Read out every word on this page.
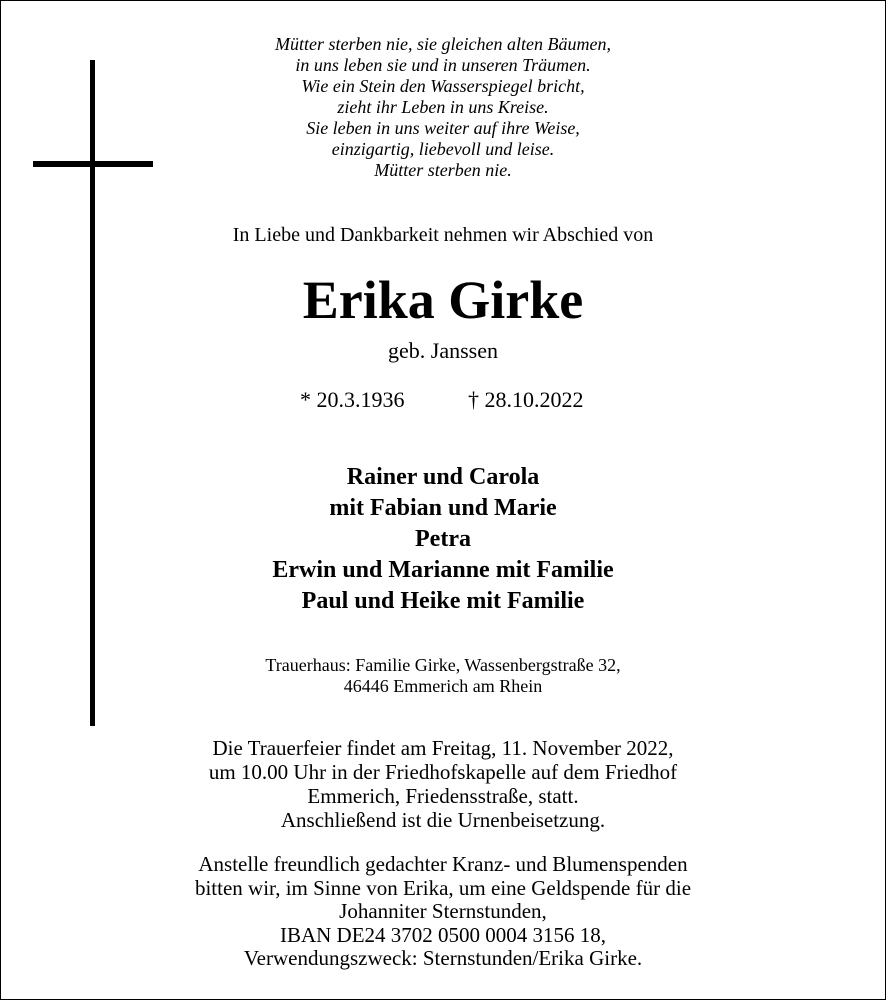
Mütter sterben nie, sie gleichen alten Bäumen,
in uns leben sie und in unseren Träumen.
Wie ein Stein den Wasserspiegel bricht,
zieht ihr Leben in uns Kreise.
Sie leben in uns weiter auf ihre Weise,
einzigartig, liebevoll und leise.
Mütter sterben nie.
In Liebe und Dankbarkeit nehmen wir Abschied von
Erika Girke
geb. Janssen
* 20.3.1936	† 28.10.2022
Rainer und Carola
mit Fabian und Marie
Petra
Erwin und Marianne mit Familie
Paul und Heike mit Familie
Trauerhaus: Familie Girke, Wassenbergstraße 32,
46446 Emmerich am Rhein
Die Trauerfeier findet am Freitag, 11. November 2022,
um 10.00 Uhr in der Friedhofskapelle auf dem Friedhof
Emmerich, Friedensstraße, statt.
Anschließend ist die Urnenbeisetzung.
Anstelle freundlich gedachter Kranz- und Blumenspenden
bitten wir, im Sinne von Erika, um eine Geldspende für die
Johanniter Sternstunden,
IBAN DE24 3702 0500 0004 3156 18,
Verwendungszweck: Sternstunden/Erika Girke.
